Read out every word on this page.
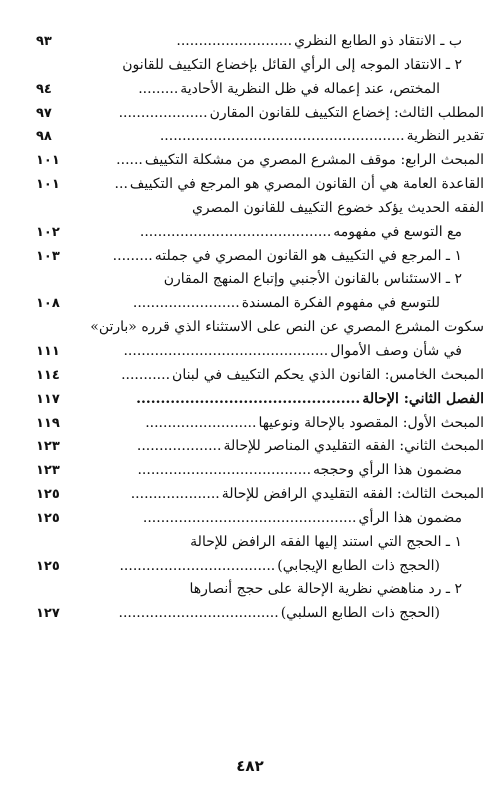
ب ـ الانتقاد ذو الطابع النظري..........................
٩٣
٢ ـ الانتقاد الموجه إلى الرأي القائل بإخضاع التكييف للقانون
المختص، عند إعماله في ظل النظرية الأحادية.........
٩٤
المطلب الثالث: إخضاع التكييف للقانون المقارن....................
٩٧
تقدير النظرية.......................................................
٩٨
المبحث الرابع: موقف المشرع المصري من مشكلة التكييف......
١٠١
القاعدة العامة هي أن القانون المصري هو المرجع في التكييف...
١٠١
الفقه الحديث يؤكد خضوع التكييف للقانون المصري
مع التوسع في مفهومه...........................................
١٠٢
١ ـ المرجع في التكييف هو القانون المصري في جملته.........
١٠٣
٢ ـ الاستئناس بالقانون الأجنبي وإتباع المنهج المقارن
للتوسع في مفهوم الفكرة المسندة........................
١٠٨
سكوت المشرع المصري عن النص على الاستثناء الذي قرره «بارتن»
في شأن وصف الأموال..............................................
١١١
المبحث الخامس: القانون الذي يحكم التكييف في لبنان...........
١١٤
الفصل الثاني: الإحالة..............................................
١١٧
المبحث الأول: المقصود بالإحالة ونوعيها.........................
١١٩
المبحث الثاني: الفقه التقليدي المناصر للإحالة...................
١٢٣
مضمون هذا الرأي وحججه.......................................
١٢٣
المبحث الثالث: الفقه التقليدي الرافض للإحالة....................
١٢٥
مضمون هذا الرأي................................................
١٢٥
١ ـ الحجج التي استند إليها الفقه الرافض للإحالة
(الحجج ذات الطابع الإيجابي)...................................
١٢٥
٢ ـ رد مناهضي نظرية الإحالة على حجج أنصارها
(الحجج ذات الطابع السلبي)....................................
١٢٧
٤٨٢
